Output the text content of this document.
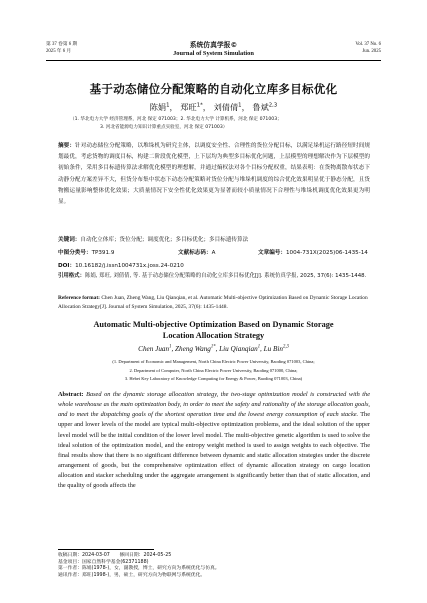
第 37 卷第 6 期
2025 年 6 月
系统仿真学报©
Journal of System Simulation
Vol. 37 No. 6
Jun. 2025
基于动态储位分配策略的自动化立库多目标优化
陈娟$^1$， 郑旺$^{1*}$， 刘倩倩$^1$， 鲁斌$^{2,3}$
（1. 华北电力大学 经济管理系，河北 保定 071003；2. 华北电力大学 计算机系，河北 保定 071003；
3. 河北省能源电力知识计算重点实验室，河北 保定 071003）
摘要：针对动态储位分配策略，以堆垛机为研究主体，以调度安全性、合理性的货位分配目标，以满足垛机运行路径短时间规划最优，考虑货物的调度目标，构建二阶段优化模型，上下层均为典型多目标优化问题，上层模型的理想解决作为下层模型的初始条件，采用多目标遗传算法求解优化模型的理想解，并通过熵权法对各个目标分配权重，结果表明：在货物离散布状态下动静分配方案差异不大，但货分布集中状态下动态分配策略对货位分配与堆垛机调度的综合优化效果明显优于静态分配，且货物搬运量影响整体优化效果；大质量情况下安全性优化效果更为显著而较小质量情况下合理性与堆垛机调度优化效果更为明显。
关键词：自动化立体库；货位分配；调度优化；多目标优化；多目标遗传算法
中图分类号：TP391.9	文献标志码：A	文章编号：1004-731X(2025)06-1435-14
DOI：10.16182/j.issn1004731x.joss.24-0210
引用格式：陈娟, 郑旺, 刘倩倩, 等. 基于动态储位分配策略的自动化立库多目标优化[J]. 系统仿真学报, 2025, 37(6): 1435-1448.
Reference format: Chen Juan, Zheng Wang, Liu Qianqian, et al. Automatic Multi-objective Optimization Based on Dynamic Storage Location Allocation Strategy[J]. Journal of System Simulation, 2025, 37(6): 1435-1448.
Automatic Multi-objective Optimization Based on Dynamic Storage
Location Allocation Strategy
Chen Juan$^1$, Zheng Wang$^{1*}$, Liu Qianqian$^1$, Lu Bin$^{2,3}$
(1. Department of Economic and Management, North China Electric Power University, Baoding 071003, China;
2. Department of Computer, North China Electric Power University, Baoding 071000, China;
3. Hebei Key Laboratory of Knowledge Computing for Energy & Power, Baoding 071003, China)
Abstract: Based on the dynamic storage allocation strategy, the two-stage optimization model is constructed with the whole warehouse as the main optimization body, in order to meet the safety and rationality of the storage allocation goals, and to meet the dispatching goals of the shortest operation time and the lowest energy consumption of each stacke. The upper and lower levels of the model are typical multi-objective optimization problems, and the ideal solution of the upper level model will be the initial condition of the lower level model. The multi-objective genetic algorithm is used to solve the ideal solution of the optimization model, and the entropy weight method is used to assign weights to each objective. The final results show that there is no significant difference between dynamic and static allocation strategies under the discrete arrangement of goods, but the comprehensive optimization effect of dynamic allocation strategy on cargo location allocation and stacker scheduling under the aggregate arrangement is significantly better than that of static allocation, and the quality of goods affects the
收稿日期：2024-03-07　　修回日期：2024-05-25
基金项目：国家自然科学基金(62371188)
第一作者：陈娟(1978-)，女，副教授，博士，研究方向为系统优化与仿真。
通讯作者：郑旺(1998-)，男，硕士，研究方向为物联网与系统优化。
